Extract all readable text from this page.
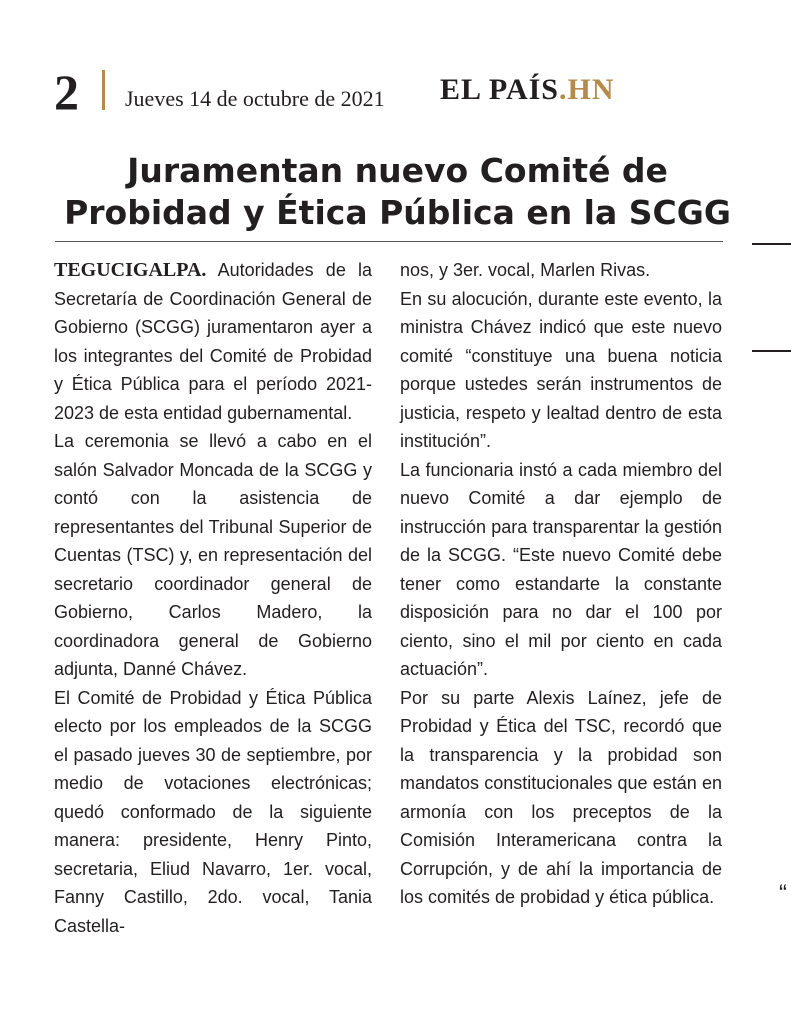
2 Jueves 14 de octubre de 2021 EL PAÍS.HN
Juramentan nuevo Comité de Probidad y Ética Pública en la SCGG
“

TEGUCIGALPA. Autoridades de la Secretaría de Coordinación General de Gobierno (SCGG) juramentaron ayer a los integrantes del Comité de Probidad y Ética Pública para el período 2021-2023 de esta entidad gubernamental.

La ceremonia se llevó a cabo en el salón Salvador Moncada de la SCGG y contó con la asistencia de representantes del Tribunal Superior de Cuentas (TSC) y, en representación del secretario coordinador general de Gobierno, Carlos Madero, la coordinadora general de Gobierno adjunta, Danné Chávez.

El Comité de Probidad y Ética Pública electo por los empleados de la SCGG el pasado jueves 30 de septiembre, por medio de votaciones electrónicas; quedó conformado de la siguiente manera: presidente, Henry Pinto, secretaria, Eliud Navarro, 1er. vocal, Fanny Castillo, 2do. vocal, Tania Castella-

nos, y 3er. vocal, Marlen Rivas.

En su alocución, durante este evento, la ministra Chávez indicó que este nuevo comité “constituye una buena noticia porque ustedes serán instrumentos de justicia, respeto y lealtad dentro de esta institución”.

La funcionaria instó a cada miembro del nuevo Comité a dar ejemplo de instrucción para transparentar la gestión de la SCGG. “Este nuevo Comité debe tener como estandarte la constante disposición para no dar el 100 por ciento, sino el mil por ciento en cada actuación”.

Por su parte Alexis Laínez, jefe de Probidad y Ética del TSC, recordó que la transparencia y la probidad son mandatos constitucionales que están en armonía con los preceptos de la Comisión Interamericana contra la Corrupción, y de ahí la importancia de los comités de probidad y ética pública.
